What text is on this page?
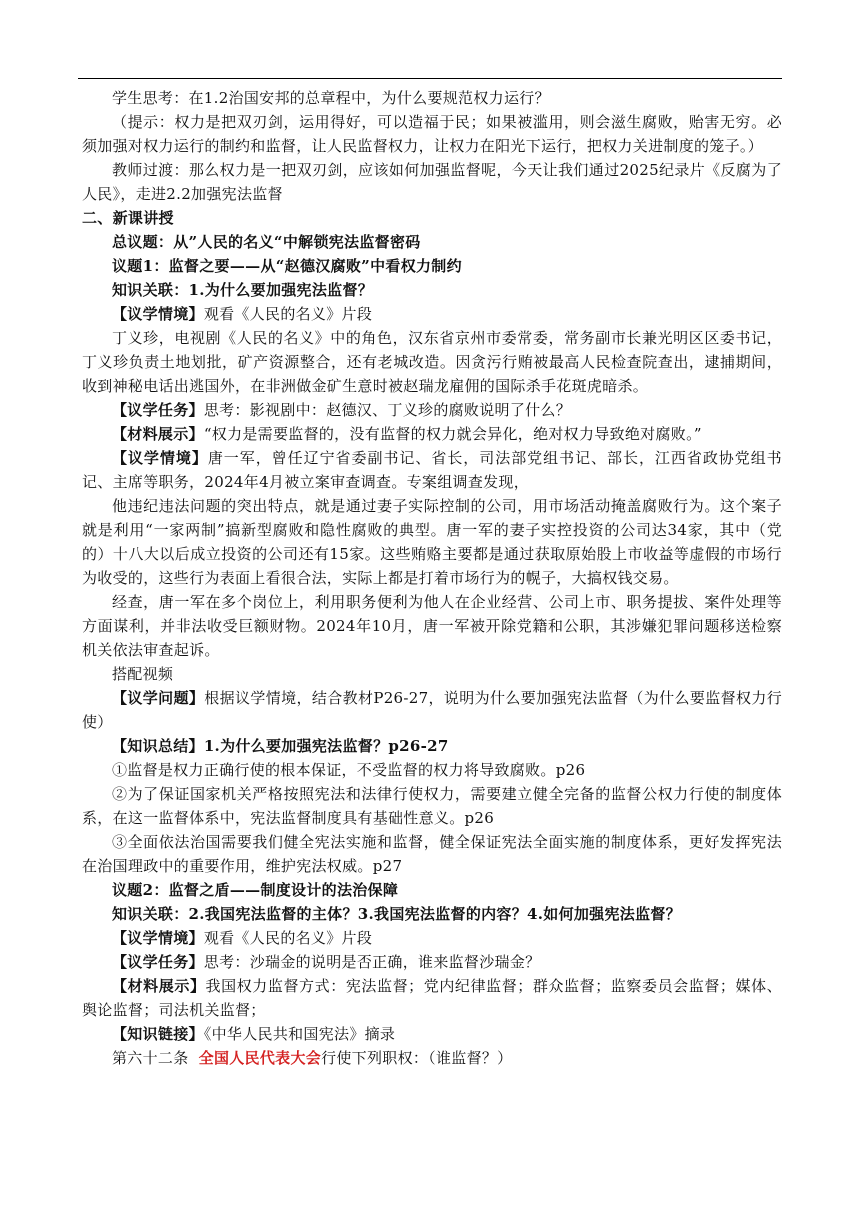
学生思考：在1.2治国安邦的总章程中，为什么要规范权力运行？

（提示：权力是把双刃剑，运用得好，可以造福于民；如果被滥用，则会滋生腐败，贻害无穷。必须加强对权力运行的制约和监督，让人民监督权力，让权力在阳光下运行，把权力关进制度的笼子。）

教师过渡：那么权力是一把双刃剑，应该如何加强监督呢，今天让我们通过2025纪录片《反腐为了人民》，走进2.2加强宪法监督

二、新课讲授

总议题：从”人民的名义“中解锁宪法监督密码

议题1：监督之要——从“赵德汉腐败”中看权力制约

知识关联：1.为什么要加强宪法监督？

【议学情境】观看《人民的名义》片段

丁义珍，电视剧《人民的名义》中的角色，汉东省京州市委常委，常务副市长兼光明区区委书记，丁义珍负责土地划批，矿产资源整合，还有老城改造。因贪污行贿被最高人民检查院查出，逮捕期间，收到神秘电话出逃国外，在非洲做金矿生意时被赵瑞龙雇佣的国际杀手花斑虎暗杀。

【议学任务】思考：影视剧中：赵德汉、丁义珍的腐败说明了什么？

【材料展示】“权力是需要监督的，没有监督的权力就会异化，绝对权力导致绝对腐败。”

【议学情境】唐一军，曾任辽宁省委副书记、省长，司法部党组书记、部长，江西省政协党组书记、主席等职务，2024年4月被立案审查调查。专案组调查发现，

他违纪违法问题的突出特点，就是通过妻子实际控制的公司，用市场活动掩盖腐败行为。这个案子就是利用“一家两制”搞新型腐败和隐性腐败的典型。唐一军的妻子实控投资的公司达34家，其中（党的）十八大以后成立投资的公司还有15家。这些贿赂主要都是通过获取原始股上市收益等虚假的市场行为收受的，这些行为表面上看很合法，实际上都是打着市场行为的幌子，大搞权钱交易。

经查，唐一军在多个岗位上，利用职务便利为他人在企业经营、公司上市、职务提拔、案件处理等方面谋利，并非法收受巨额财物。2024年10月，唐一军被开除党籍和公职，其涉嫌犯罪问题移送检察机关依法审查起诉。

搭配视频

【议学问题】根据议学情境，结合教材P26-27，说明为什么要加强宪法监督（为什么要监督权力行使）

【知识总结】1.为什么要加强宪法监督？p26-27

①监督是权力正确行使的根本保证，不受监督的权力将导致腐败。p26

②为了保证国家机关严格按照宪法和法律行使权力，需要建立健全完备的监督公权力行使的制度体系，在这一监督体系中，宪法监督制度具有基础性意义。p26

③全面依法治国需要我们健全宪法实施和监督，健全保证宪法全面实施的制度体系，更好发挥宪法在治国理政中的重要作用，维护宪法权威。p27

议题2：监督之盾——制度设计的法治保障

知识关联：2.我国宪法监督的主体？3.我国宪法监督的内容？4.如何加强宪法监督？

【议学情境】观看《人民的名义》片段

【议学任务】思考：沙瑞金的说明是否正确，谁来监督沙瑞金？

【材料展示】我国权力监督方式：宪法监督；党内纪律监督；群众监督；监察委员会监督；媒体、舆论监督；司法机关监督；

【知识链接】《中华人民共和国宪法》摘录

第六十二条 全国人民代表大会行使下列职权：（谁监督？）
